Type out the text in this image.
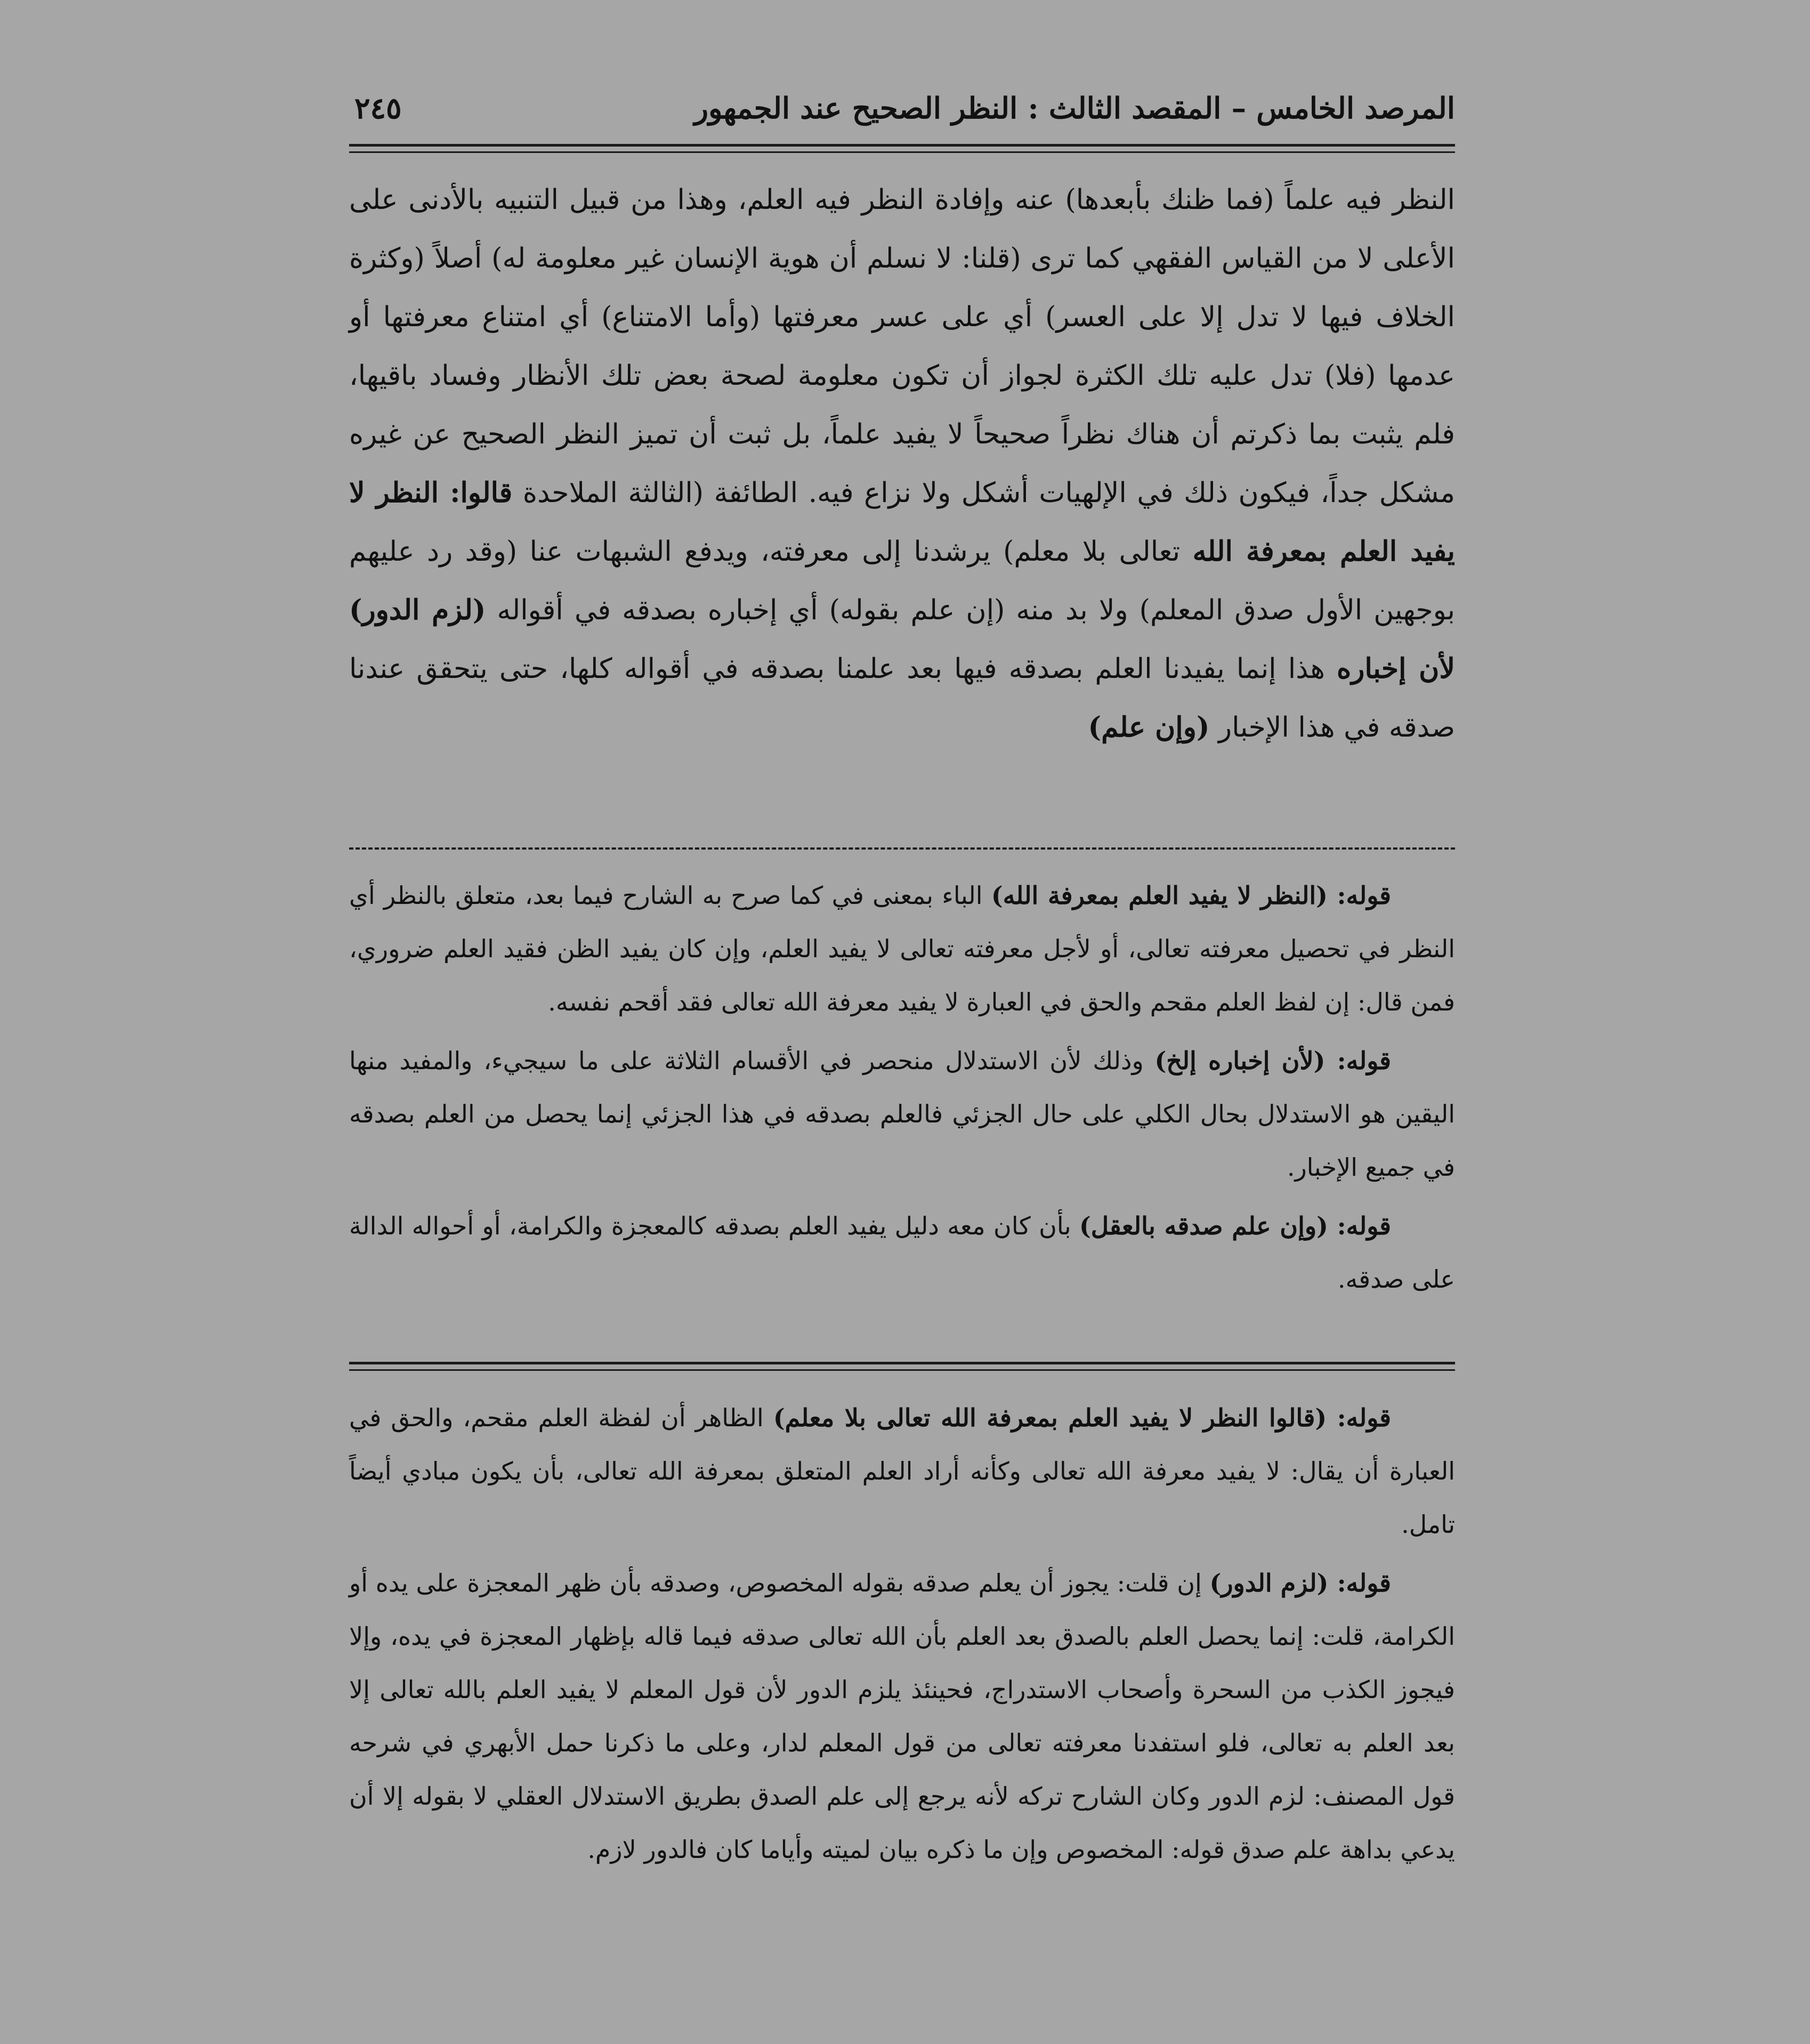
المرصد الخامس – المقصد الثالث : النظر الصحيح عند الجمهور
٢٤٥

النظر فيه علماً (فما ظنك بأبعدها) عنه وإفادة النظر فيه العلم، وهذا من قبيل التنبيه بالأدنى على الأعلى لا من القياس الفقهي كما ترى (قلنا: لا نسلم أن هوية الإنسان غير معلومة له) أصلاً (وكثرة الخلاف فيها لا تدل إلا على العسر) أي على عسر معرفتها (وأما الامتناع) أي امتناع معرفتها أو عدمها (فلا) تدل عليه تلك الكثرة لجواز أن تكون معلومة لصحة بعض تلك الأنظار وفساد باقيها، فلم يثبت بما ذكرتم أن هناك نظراً صحيحاً لا يفيد علماً، بل ثبت أن تميز النظر الصحيح عن غيره مشكل جداً، فيكون ذلك في الإلهيات أشكل ولا نزاع فيه. الطائفة (الثالثة الملاحدة قالوا: النظر لا يفيد العلم بمعرفة الله تعالى بلا معلم) يرشدنا إلى معرفته، ويدفع الشبهات عنا (وقد رد عليهم بوجهين الأول صدق المعلم) ولا بد منه (إن علم بقوله) أي إخباره بصدقه في أقواله (لزم الدور) لأن إخباره هذا إنما يفيدنا العلم بصدقه فيها بعد علمنا بصدقه في أقواله كلها، حتى يتحقق عندنا صدقه في هذا الإخبار (وإن علم)

قوله: (النظر لا يفيد العلم بمعرفة الله) الباء بمعنى في كما صرح به الشارح فيما بعد، متعلق بالنظر أي النظر في تحصيل معرفته تعالى، أو لأجل معرفته تعالى لا يفيد العلم، وإن كان يفيد الظن فقيد العلم ضروري، فمن قال: إن لفظ العلم مقحم والحق في العبارة لا يفيد معرفة الله تعالى فقد أقحم نفسه.

قوله: (لأن إخباره إلخ) وذلك لأن الاستدلال منحصر في الأقسام الثلاثة على ما سيجيء، والمفيد منها اليقين هو الاستدلال بحال الكلي على حال الجزئي فالعلم بصدقه في هذا الجزئي إنما يحصل من العلم بصدقه في جميع الإخبار.

قوله: (وإن علم صدقه بالعقل) بأن كان معه دليل يفيد العلم بصدقه كالمعجزة والكرامة، أو أحواله الدالة على صدقه.

قوله: (قالوا النظر لا يفيد العلم بمعرفة الله تعالى بلا معلم) الظاهر أن لفظة العلم مقحم، والحق في العبارة أن يقال: لا يفيد معرفة الله تعالى وكأنه أراد العلم المتعلق بمعرفة الله تعالى، بأن يكون مبادي أيضاً تامل.

قوله: (لزم الدور) إن قلت: يجوز أن يعلم صدقه بقوله المخصوص، وصدقه بأن ظهر المعجزة على يده أو الكرامة، قلت: إنما يحصل العلم بالصدق بعد العلم بأن الله تعالى صدقه فيما قاله بإظهار المعجزة في يده، وإلا فيجوز الكذب من السحرة وأصحاب الاستدراج، فحينئذ يلزم الدور لأن قول المعلم لا يفيد العلم بالله تعالى إلا بعد العلم به تعالى، فلو استفدنا معرفته تعالى من قول المعلم لدار، وعلى ما ذكرنا حمل الأبهري في شرحه قول المصنف: لزم الدور وكان الشارح تركه لأنه يرجع إلى علم الصدق بطريق الاستدلال العقلي لا بقوله إلا أن يدعي بداهة علم صدق قوله: المخصوص وإن ما ذكره بيان لميته وأياما كان فالدور لازم.
